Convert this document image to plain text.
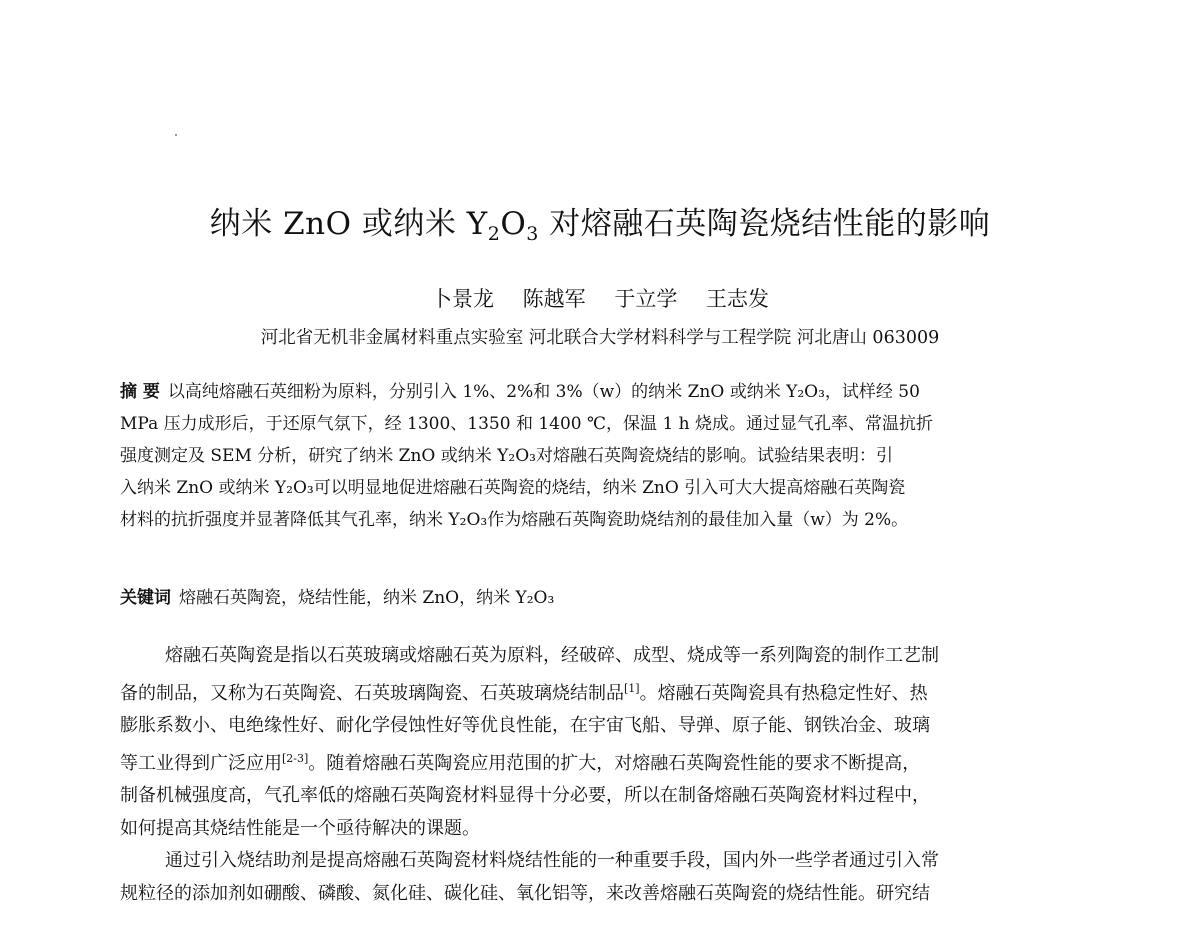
纳米 ZnO 或纳米 $Y_2O_3$ 对熔融石英陶瓷烧结性能的影响
卜景龙 陈越军 于立学 王志发
河北省无机非金属材料重点实验室 河北联合大学材料科学与工程学院 河北唐山 063009
摘 要 以高纯熔融石英细粉为原料，分别引入 1%、2%和 3%（w）的纳米 ZnO 或纳米 Y₂O₃，试样经 50
MPa 压力成形后，于还原气氛下，经 1300、1350 和 1400 ℃，保温 1 h 烧成。通过显气孔率、常温抗折
强度测定及 SEM 分析，研究了纳米 ZnO 或纳米 Y₂O₃对熔融石英陶瓷烧结的影响。试验结果表明：引
入纳米 ZnO 或纳米 Y₂O₃可以明显地促进熔融石英陶瓷的烧结，纳米 ZnO 引入可大大提高熔融石英陶瓷
材料的抗折强度并显著降低其气孔率，纳米 Y₂O₃作为熔融石英陶瓷助烧结剂的最佳加入量（w）为 2%。
关键词 熔融石英陶瓷，烧结性能，纳米 ZnO，纳米 Y₂O₃
熔融石英陶瓷是指以石英玻璃或熔融石英为原料，经破碎、成型、烧成等一系列陶瓷的制作工艺制
备的制品，又称为石英陶瓷、石英玻璃陶瓷、石英玻璃烧结制品[1]。熔融石英陶瓷具有热稳定性好、热
膨胀系数小、电绝缘性好、耐化学侵蚀性好等优良性能，在宇宙飞船、导弹、原子能、钢铁冶金、玻璃
等工业得到广泛应用[2-3]。随着熔融石英陶瓷应用范围的扩大，对熔融石英陶瓷性能的要求不断提高，
制备机械强度高，气孔率低的熔融石英陶瓷材料显得十分必要，所以在制备熔融石英陶瓷材料过程中，
如何提高其烧结性能是一个亟待解决的课题。
通过引入烧结助剂是提高熔融石英陶瓷材料烧结性能的一种重要手段，国内外一些学者通过引入常
规粒径的添加剂如硼酸、磷酸、氮化硅、碳化硅、氧化铝等，来改善熔融石英陶瓷的烧结性能。研究结
